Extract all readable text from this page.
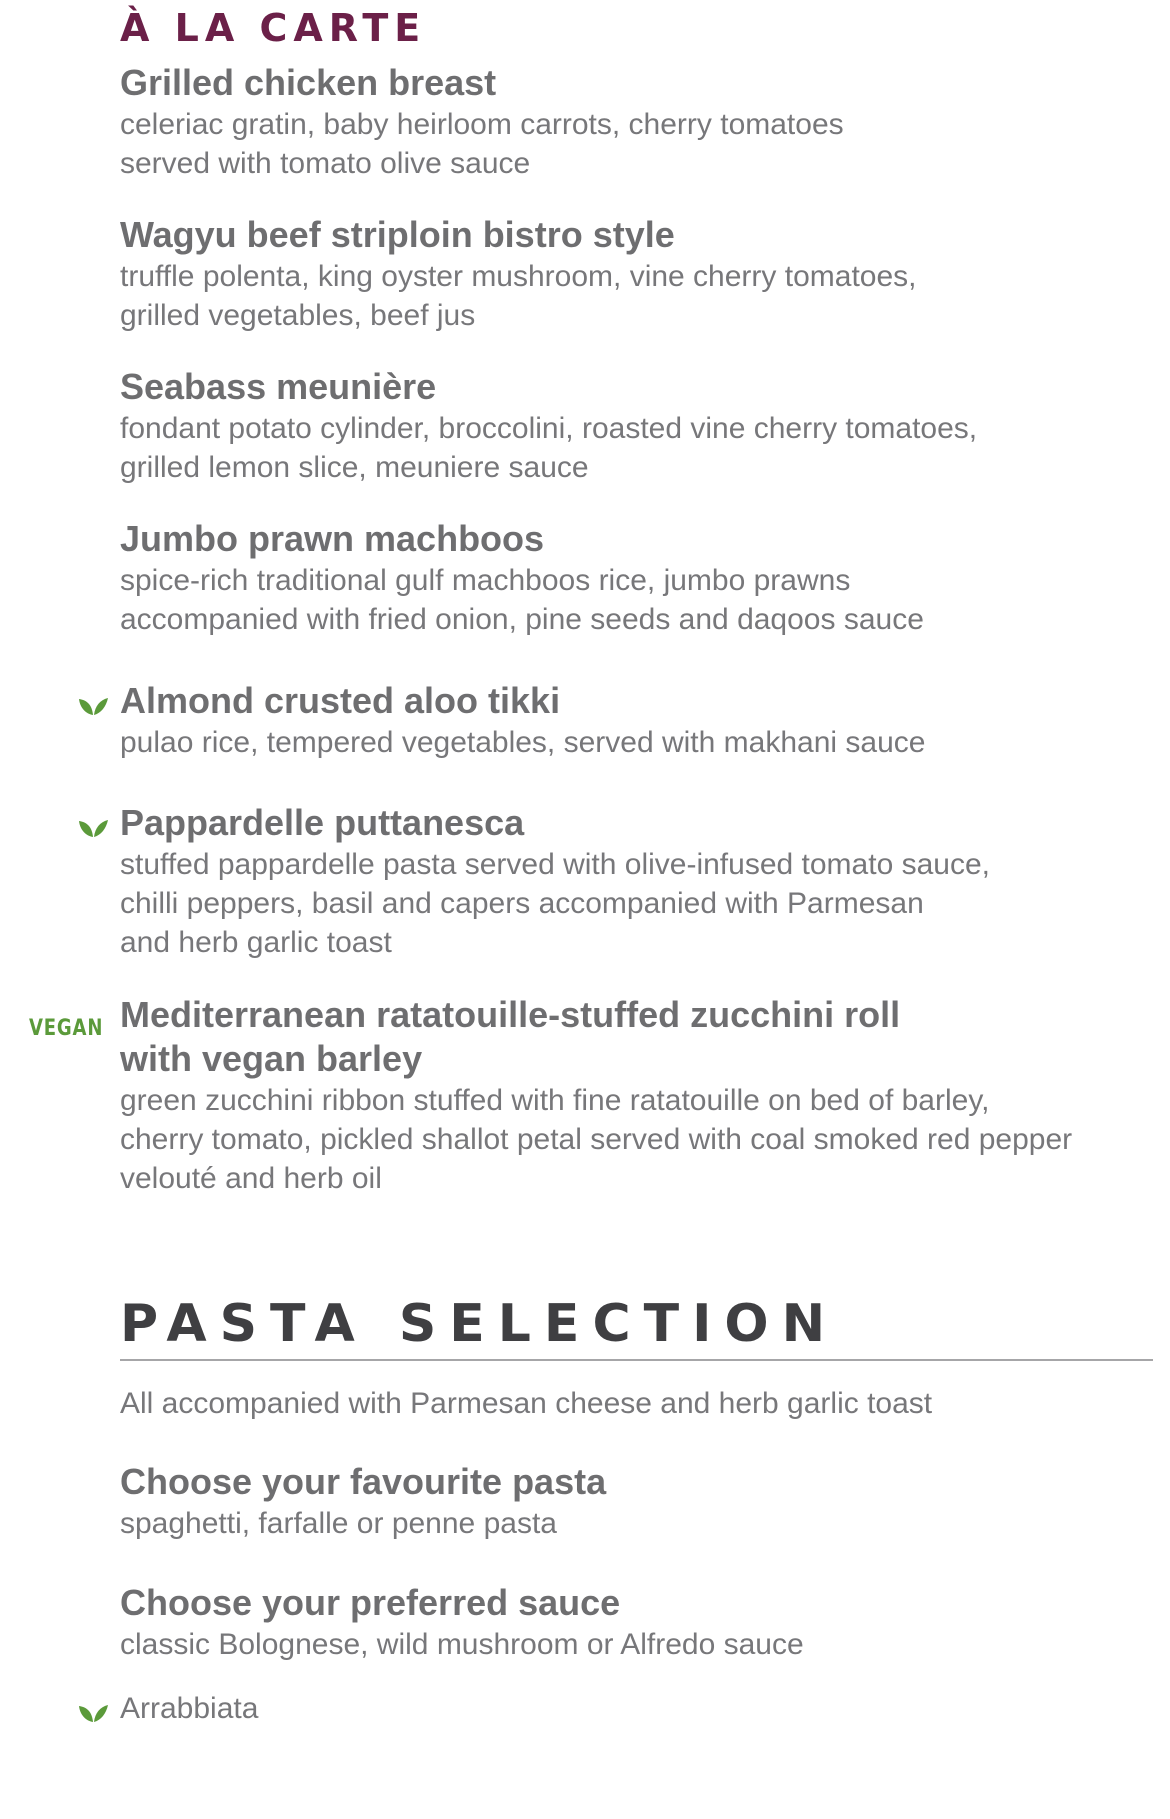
À LA CARTE
Grilled chicken breast
celeriac gratin, baby heirloom carrots, cherry tomatoes
served with tomato olive sauce
Wagyu beef striploin bistro style
truffle polenta, king oyster mushroom, vine cherry tomatoes,
grilled vegetables, beef jus
Seabass meunière
fondant potato cylinder, broccolini, roasted vine cherry tomatoes,
grilled lemon slice, meuniere sauce
Jumbo prawn machboos
spice-rich traditional gulf machboos rice, jumbo prawns
accompanied with fried onion, pine seeds and daqoos sauce
Almond crusted aloo tikki
pulao rice, tempered vegetables, served with makhani sauce
Pappardelle puttanesca
stuffed pappardelle pasta served with olive-infused tomato sauce,
chilli peppers, basil and capers accompanied with Parmesan
and herb garlic toast
VEGAN Mediterranean ratatouille-stuffed zucchini roll
with vegan barley
green zucchini ribbon stuffed with fine ratatouille on bed of barley,
cherry tomato, pickled shallot petal served with coal smoked red pepper
velouté and herb oil
PASTA SELECTION
All accompanied with Parmesan cheese and herb garlic toast
Choose your favourite pasta
spaghetti, farfalle or penne pasta
Choose your preferred sauce
classic Bolognese, wild mushroom or Alfredo sauce
Arrabbiata
